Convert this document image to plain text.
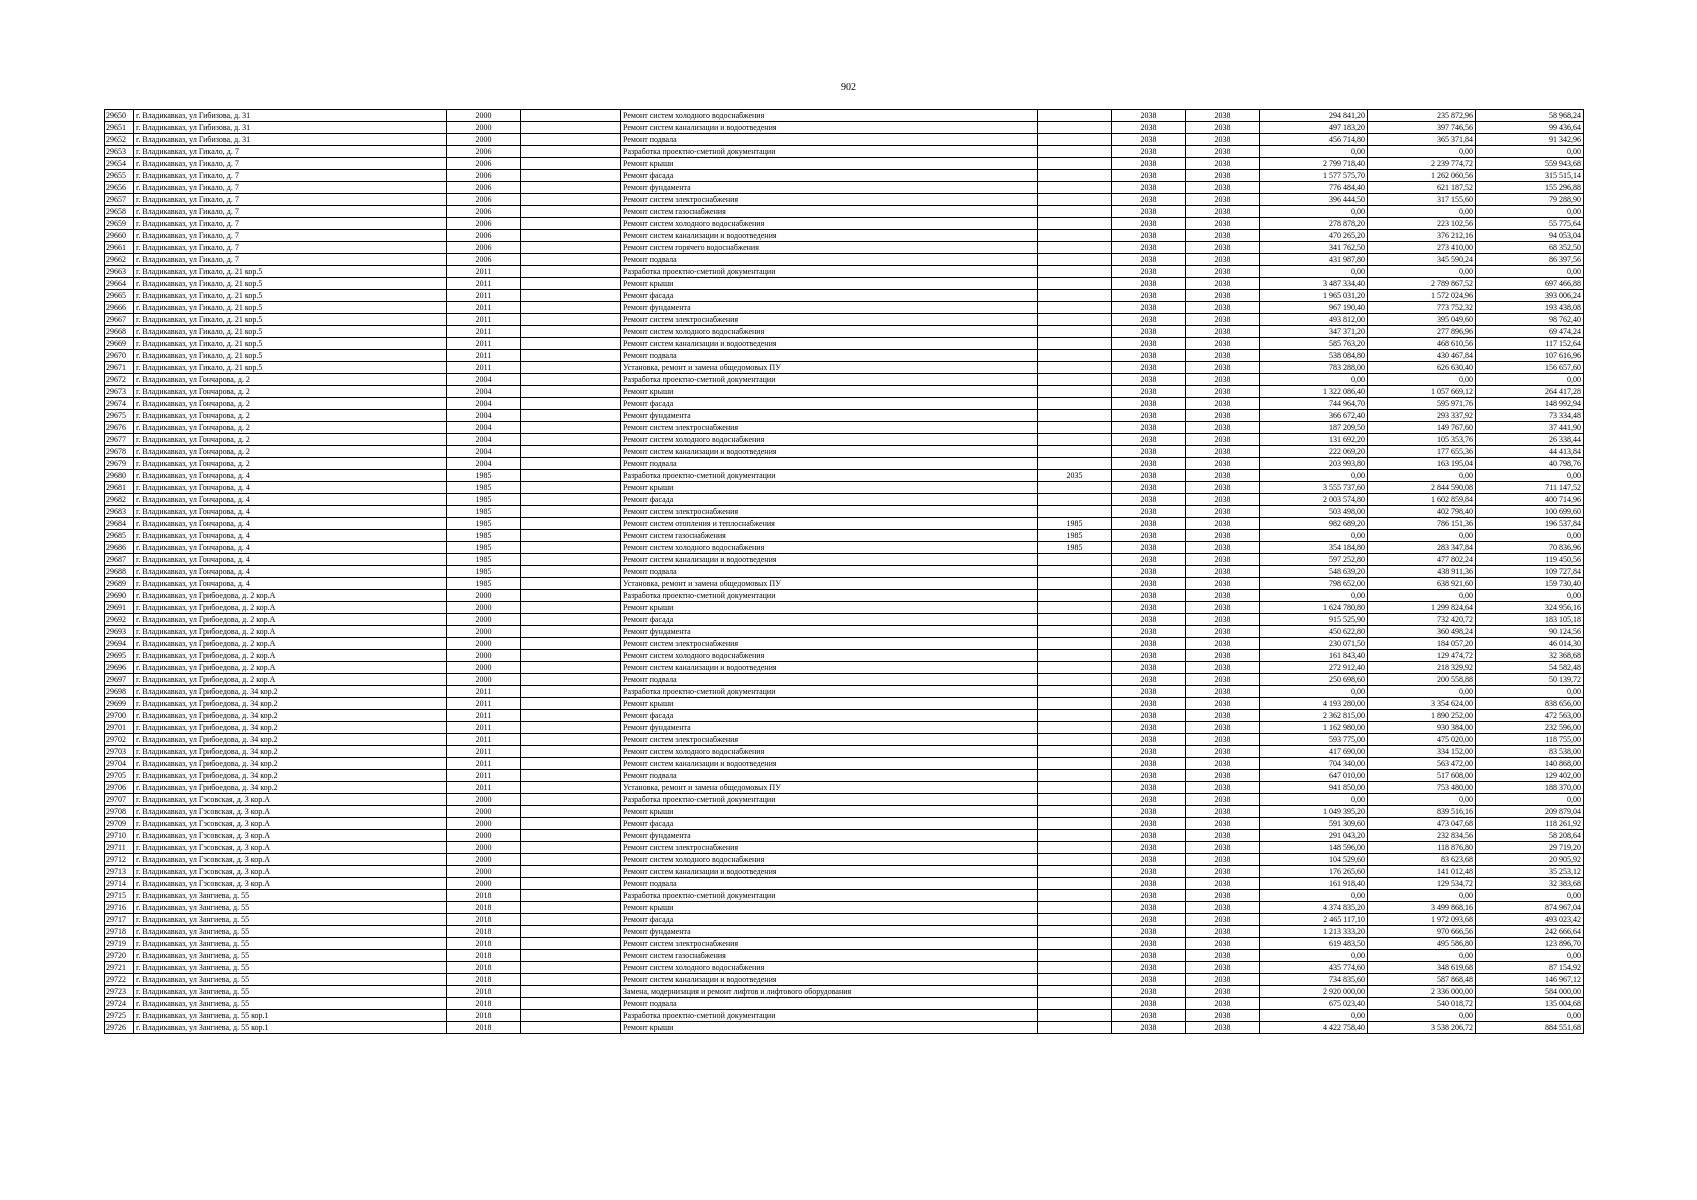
902
29650	г. Владикавказ, ул Гибизова, д. 31	2000		Ремонт систем холодного водоснабжения		2038	2038	294 841,20	235 872,96	58 968,24
29651	г. Владикавказ, ул Гибизова, д. 31	2000		Ремонт систем канализации и водоотведения		2038	2038	497 183,20	397 746,56	99 436,64
29652	г. Владикавказ, ул Гибизова, д. 31	2000		Ремонт подвала		2038	2038	456 714,80	365 371,84	91 342,96
29653	г. Владикавказ, ул Гикало, д. 7	2006		Разработка проектно-сметной документации		2038	2038	0,00	0,00	0,00
29654	г. Владикавказ, ул Гикало, д. 7	2006		Ремонт крыши		2038	2038	2 799 718,40	2 239 774,72	559 943,68
29655	г. Владикавказ, ул Гикало, д. 7	2006		Ремонт фасада		2038	2038	1 577 575,70	1 262 060,56	315 515,14
29656	г. Владикавказ, ул Гикало, д. 7	2006		Ремонт фундамента		2038	2038	776 484,40	621 187,52	155 296,88
29657	г. Владикавказ, ул Гикало, д. 7	2006		Ремонт систем электроснабжения		2038	2038	396 444,50	317 155,60	79 288,90
29658	г. Владикавказ, ул Гикало, д. 7	2006		Ремонт систем газоснабжения		2038	2038	0,00	0,00	0,00
29659	г. Владикавказ, ул Гикало, д. 7	2006		Ремонт систем холодного водоснабжения		2038	2038	278 878,20	223 102,56	55 775,64
29660	г. Владикавказ, ул Гикало, д. 7	2006		Ремонт систем канализации и водоотведения		2038	2038	470 265,20	376 212,16	94 053,04
29661	г. Владикавказ, ул Гикало, д. 7	2006		Ремонт систем горячего водоснабжения		2038	2038	341 762,50	273 410,00	68 352,50
29662	г. Владикавказ, ул Гикало, д. 7	2006		Ремонт подвала		2038	2038	431 987,80	345 590,24	86 397,56
29663	г. Владикавказ, ул Гикало, д. 21 кор.5	2011		Разработка проектно-сметной документации		2038	2038	0,00	0,00	0,00
29664	г. Владикавказ, ул Гикало, д. 21 кор.5	2011		Ремонт крыши		2038	2038	3 487 334,40	2 789 867,52	697 466,88
29665	г. Владикавказ, ул Гикало, д. 21 кор.5	2011		Ремонт фасада		2038	2038	1 965 031,20	1 572 024,96	393 006,24
29666	г. Владикавказ, ул Гикало, д. 21 кор.5	2011		Ремонт фундамента		2038	2038	967 190,40	773 752,32	193 438,08
29667	г. Владикавказ, ул Гикало, д. 21 кор.5	2011		Ремонт систем электроснабжения		2038	2038	493 812,00	395 049,60	98 762,40
29668	г. Владикавказ, ул Гикало, д. 21 кор.5	2011		Ремонт систем холодного водоснабжения		2038	2038	347 371,20	277 896,96	69 474,24
29669	г. Владикавказ, ул Гикало, д. 21 кор.5	2011		Ремонт систем канализации и водоотведения		2038	2038	585 763,20	468 610,56	117 152,64
29670	г. Владикавказ, ул Гикало, д. 21 кор.5	2011		Ремонт подвала		2038	2038	538 084,80	430 467,84	107 616,96
29671	г. Владикавказ, ул Гикало, д. 21 кор.5	2011		Установка, ремонт и замена общедомовых ПУ		2038	2038	783 288,00	626 630,40	156 657,60
29672	г. Владикавказ, ул Гончарова, д. 2	2004		Разработка проектно-сметной документации		2038	2038	0,00	0,00	0,00
29673	г. Владикавказ, ул Гончарова, д. 2	2004		Ремонт крыши		2038	2038	1 322 086,40	1 057 669,12	264 417,28
29674	г. Владикавказ, ул Гончарова, д. 2	2004		Ремонт фасада		2038	2038	744 964,70	595 971,76	148 992,94
29675	г. Владикавказ, ул Гончарова, д. 2	2004		Ремонт фундамента		2038	2038	366 672,40	293 337,92	73 334,48
29676	г. Владикавказ, ул Гончарова, д. 2	2004		Ремонт систем электроснабжения		2038	2038	187 209,50	149 767,60	37 441,90
29677	г. Владикавказ, ул Гончарова, д. 2	2004		Ремонт систем холодного водоснабжения		2038	2038	131 692,20	105 353,76	26 338,44
29678	г. Владикавказ, ул Гончарова, д. 2	2004		Ремонт систем канализации и водоотведения		2038	2038	222 069,20	177 655,36	44 413,84
29679	г. Владикавказ, ул Гончарова, д. 2	2004		Ремонт подвала		2038	2038	203 993,80	163 195,04	40 798,76
29680	г. Владикавказ, ул Гончарова, д. 4	1985		Разработка проектно-сметной документации	2035	2038	2038	0,00	0,00	0,00
29681	г. Владикавказ, ул Гончарова, д. 4	1985		Ремонт крыши		2038	2038	3 555 737,60	2 844 590,08	711 147,52
29682	г. Владикавказ, ул Гончарова, д. 4	1985		Ремонт фасада		2038	2038	2 003 574,80	1 602 859,84	400 714,96
29683	г. Владикавказ, ул Гончарова, д. 4	1985		Ремонт систем электроснабжения		2038	2038	503 498,00	402 798,40	100 699,60
29684	г. Владикавказ, ул Гончарова, д. 4	1985		Ремонт систем отопления и теплоснабжения	1985	2038	2038	982 689,20	786 151,36	196 537,84
29685	г. Владикавказ, ул Гончарова, д. 4	1985		Ремонт систем газоснабжения	1985	2038	2038	0,00	0,00	0,00
29686	г. Владикавказ, ул Гончарова, д. 4	1985		Ремонт систем холодного водоснабжения	1985	2038	2038	354 184,80	283 347,84	70 836,96
29687	г. Владикавказ, ул Гончарова, д. 4	1985		Ремонт систем канализации и водоотведения		2038	2038	597 252,80	477 802,24	119 450,56
29688	г. Владикавказ, ул Гончарова, д. 4	1985		Ремонт подвала		2038	2038	548 639,20	438 911,36	109 727,84
29689	г. Владикавказ, ул Гончарова, д. 4	1985		Установка, ремонт и замена общедомовых ПУ		2038	2038	798 652,00	638 921,60	159 730,40
29690	г. Владикавказ, ул Грибоедова, д. 2 кор.А	2000		Разработка проектно-сметной документации		2038	2038	0,00	0,00	0,00
29691	г. Владикавказ, ул Грибоедова, д. 2 кор.А	2000		Ремонт крыши		2038	2038	1 624 780,80	1 299 824,64	324 956,16
29692	г. Владикавказ, ул Грибоедова, д. 2 кор.А	2000		Ремонт фасада		2038	2038	915 525,90	732 420,72	183 105,18
29693	г. Владикавказ, ул Грибоедова, д. 2 кор.А	2000		Ремонт фундамента		2038	2038	450 622,80	360 498,24	90 124,56
29694	г. Владикавказ, ул Грибоедова, д. 2 кор.А	2000		Ремонт систем электроснабжения		2038	2038	230 071,50	184 057,20	46 014,30
29695	г. Владикавказ, ул Грибоедова, д. 2 кор.А	2000		Ремонт систем холодного водоснабжения		2038	2038	161 843,40	129 474,72	32 368,68
29696	г. Владикавказ, ул Грибоедова, д. 2 кор.А	2000		Ремонт систем канализации и водоотведения		2038	2038	272 912,40	218 329,92	54 582,48
29697	г. Владикавказ, ул Грибоедова, д. 2 кор.А	2000		Ремонт подвала		2038	2038	250 698,60	200 558,88	50 139,72
29698	г. Владикавказ, ул Грибоедова, д. 34 кор.2	2011		Разработка проектно-сметной документации		2038	2038	0,00	0,00	0,00
29699	г. Владикавказ, ул Грибоедова, д. 34 кор.2	2011		Ремонт крыши		2038	2038	4 193 280,00	3 354 624,00	838 656,00
29700	г. Владикавказ, ул Грибоедова, д. 34 кор.2	2011		Ремонт фасада		2038	2038	2 362 815,00	1 890 252,00	472 563,00
29701	г. Владикавказ, ул Грибоедова, д. 34 кор.2	2011		Ремонт фундамента		2038	2038	1 162 980,00	930 384,00	232 596,00
29702	г. Владикавказ, ул Грибоедова, д. 34 кор.2	2011		Ремонт систем электроснабжения		2038	2038	593 775,00	475 020,00	118 755,00
29703	г. Владикавказ, ул Грибоедова, д. 34 кор.2	2011		Ремонт систем холодного водоснабжения		2038	2038	417 690,00	334 152,00	83 538,00
29704	г. Владикавказ, ул Грибоедова, д. 34 кор.2	2011		Ремонт систем канализации и водоотведения		2038	2038	704 340,00	563 472,00	140 868,00
29705	г. Владикавказ, ул Грибоедова, д. 34 кор.2	2011		Ремонт подвала		2038	2038	647 010,00	517 608,00	129 402,00
29706	г. Владикавказ, ул Грибоедова, д. 34 кор.2	2011		Установка, ремонт и замена общедомовых ПУ		2038	2038	941 850,00	753 480,00	188 370,00
29707	г. Владикавказ, ул Гэсовская, д. 3 кор.А	2000		Разработка проектно-сметной документации		2038	2038	0,00	0,00	0,00
29708	г. Владикавказ, ул Гэсовская, д. 3 кор.А	2000		Ремонт крыши		2038	2038	1 049 395,20	839 516,16	209 879,04
29709	г. Владикавказ, ул Гэсовская, д. 3 кор.А	2000		Ремонт фасада		2038	2038	591 309,60	473 047,68	118 261,92
29710	г. Владикавказ, ул Гэсовская, д. 3 кор.А	2000		Ремонт фундамента		2038	2038	291 043,20	232 834,56	58 208,64
29711	г. Владикавказ, ул Гэсовская, д. 3 кор.А	2000		Ремонт систем электроснабжения		2038	2038	148 596,00	118 876,80	29 719,20
29712	г. Владикавказ, ул Гэсовская, д. 3 кор.А	2000		Ремонт систем холодного водоснабжения		2038	2038	104 529,60	83 623,68	20 905,92
29713	г. Владикавказ, ул Гэсовская, д. 3 кор.А	2000		Ремонт систем канализации и водоотведения		2038	2038	176 265,60	141 012,48	35 253,12
29714	г. Владикавказ, ул Гэсовская, д. 3 кор.А	2000		Ремонт подвала		2038	2038	161 918,40	129 534,72	32 383,68
29715	г. Владикавказ, ул Зангиева, д. 55	2018		Разработка проектно-сметной документации		2038	2038	0,00	0,00	0,00
29716	г. Владикавказ, ул Зангиева, д. 55	2018		Ремонт крыши		2038	2038	4 374 835,20	3 499 868,16	874 967,04
29717	г. Владикавказ, ул Зангиева, д. 55	2018		Ремонт фасада		2038	2038	2 465 117,10	1 972 093,68	493 023,42
29718	г. Владикавказ, ул Зангиева, д. 55	2018		Ремонт фундамента		2038	2038	1 213 333,20	970 666,56	242 666,64
29719	г. Владикавказ, ул Зангиева, д. 55	2018		Ремонт систем электроснабжения		2038	2038	619 483,50	495 586,80	123 896,70
29720	г. Владикавказ, ул Зангиева, д. 55	2018		Ремонт систем газоснабжения		2038	2038	0,00	0,00	0,00
29721	г. Владикавказ, ул Зангиева, д. 55	2018		Ремонт систем холодного водоснабжения		2038	2038	435 774,60	348 619,68	87 154,92
29722	г. Владикавказ, ул Зангиева, д. 55	2018		Ремонт систем канализации и водоотведения		2038	2038	734 835,60	587 868,48	146 967,12
29723	г. Владикавказ, ул Зангиева, д. 55	2018		Замена, модернизация и ремонт лифтов и лифтового оборудования		2038	2038	2 920 000,00	2 336 000,00	584 000,00
29724	г. Владикавказ, ул Зангиева, д. 55	2018		Ремонт подвала		2038	2038	675 023,40	540 018,72	135 004,68
29725	г. Владикавказ, ул Зангиева, д. 55 кор.1	2018		Разработка проектно-сметной документации		2038	2038	0,00	0,00	0,00
29726	г. Владикавказ, ул Зангиева, д. 55 кор.1	2018		Ремонт крыши		2038	2038	4 422 758,40	3 538 206,72	884 551,68
